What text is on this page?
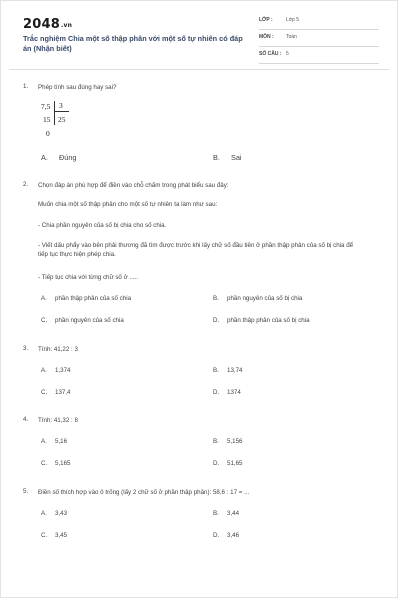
2048.vn
Trắc nghiệm Chia một số thập phân với một số tự nhiên có đáp án (Nhận biết)
LỚP :	Lớp 5
MÔN : Toán
SỐ CÂU : 5
1. Phép tính sau đúng hay sai?
7,5 3
15 25
0
A. Đúng	B. Sai
2. Chọn đáp án phù hợp để điền vào chỗ chấm trong phát biểu sau đây:
Muốn chia một số thập phân cho một số tự nhiên ta làm như sau:
- Chia phần nguyên của số bị chia cho số chia.
- Viết dấu phẩy vào bên phải thương đã tìm được trước khi lấy chữ số đầu tiên ở phần thập phân của số bị chia để tiếp tục thực hiện phép chia.
- Tiếp tục chia với từng chữ số ở .....
A. phần thập phân của số chia	B. phần nguyên của số bị chia
C. phần nguyên của số chia	D. phần thập phân của số bị chia
3. Tính: 41,22 : 3
A. 1,374	B. 13,74
C. 137,4	D. 1374
4. Tính: 41,32 : 8
A. 5,16	B. 5,156
C. 5,165	D. 51,65
5. Điền số thích hợp vào ô trống (lấy 2 chữ số ở phần thập phân): 58,6 : 17 = ...
A. 3,43	B. 3,44
C. 3,45	D. 3,46
